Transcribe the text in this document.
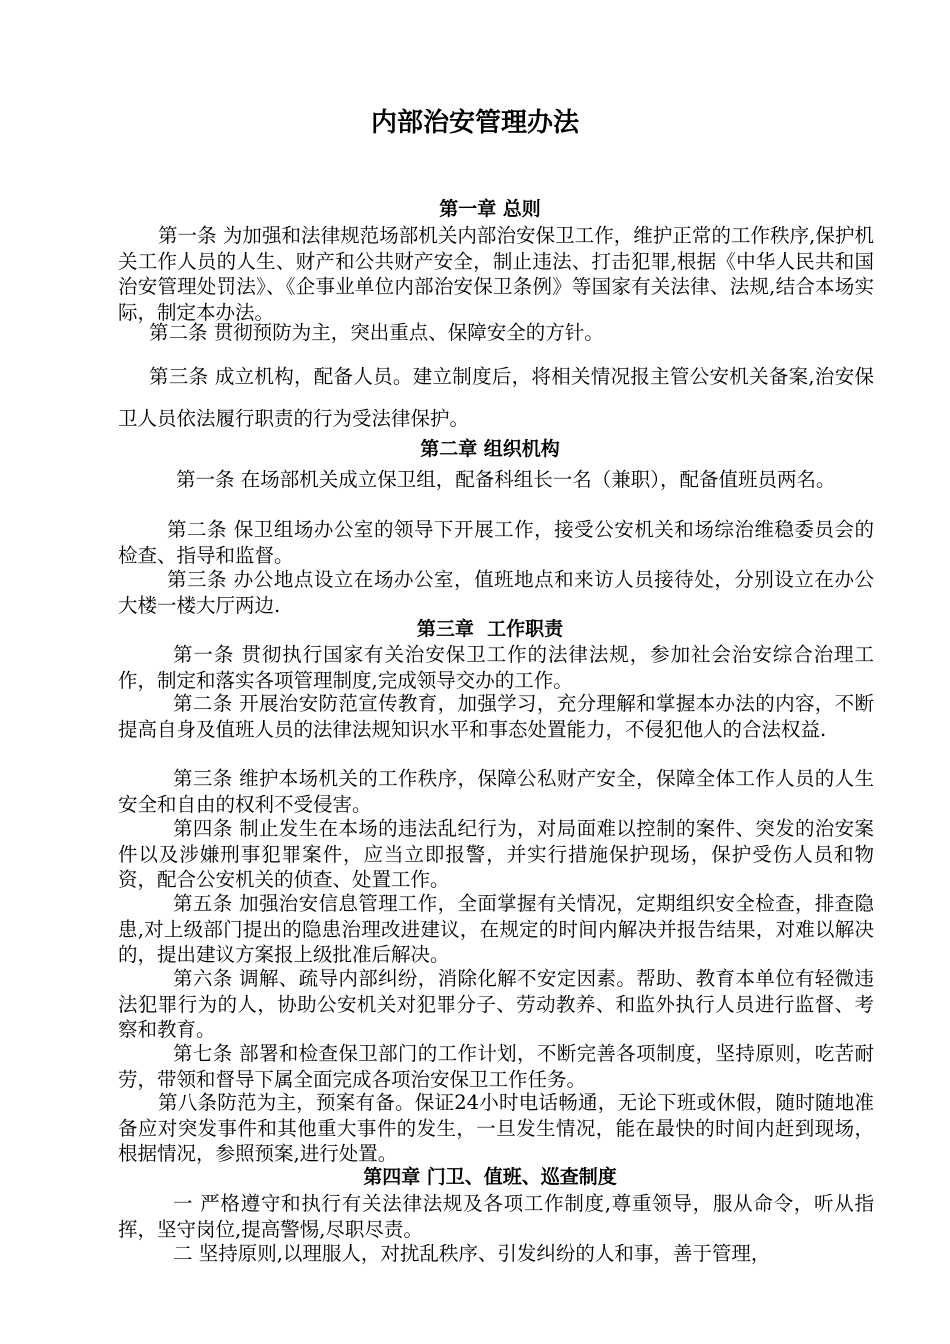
内部治安管理办法
第一章 总则

第一条 为加强和法律规范场部机关内部治安保卫工作，维护正常的工作秩序,保护机关工作人员的人生、财产和公共财产安全，制止违法、打击犯罪,根据《中华人民共和国治安管理处罚法》、《企事业单位内部治安保卫条例》等国家有关法律、法规,结合本场实际，制定本办法。

第二条 贯彻预防为主，突出重点、保障安全的方针。

第三条 成立机构，配备人员。建立制度后，将相关情况报主管公安机关备案,治安保卫人员依法履行职责的行为受法律保护。

第二章 组织机构

第一条 在场部机关成立保卫组，配备科组长一名（兼职），配备值班员两名。

第二条 保卫组场办公室的领导下开展工作，接受公安机关和场综治维稳委员会的检查、指导和监督。

第三条 办公地点设立在场办公室，值班地点和来访人员接待处，分别设立在办公大楼一楼大厅两边.

第三章  工作职责

第一条 贯彻执行国家有关治安保卫工作的法律法规，参加社会治安综合治理工作，制定和落实各项管理制度,完成领导交办的工作。

第二条 开展治安防范宣传教育，加强学习，充分理解和掌握本办法的内容，不断提高自身及值班人员的法律法规知识水平和事态处置能力，不侵犯他人的合法权益.

第三条 维护本场机关的工作秩序，保障公私财产安全，保障全体工作人员的人生安全和自由的权利不受侵害。

第四条 制止发生在本场的违法乱纪行为，对局面难以控制的案件、突发的治安案件以及涉嫌刑事犯罪案件，应当立即报警，并实行措施保护现场，保护受伤人员和物资，配合公安机关的侦查、处置工作。

第五条 加强治安信息管理工作，全面掌握有关情况，定期组织安全检查，排查隐患,对上级部门提出的隐患治理改进建议，在规定的时间内解决并报告结果，对难以解决的，提出建议方案报上级批准后解决。

第六条 调解、疏导内部纠纷，消除化解不安定因素。帮助、教育本单位有轻微违法犯罪行为的人，协助公安机关对犯罪分子、劳动教养、和监外执行人员进行监督、考察和教育。

第七条 部署和检查保卫部门的工作计划，不断完善各项制度，坚持原则，吃苦耐劳，带领和督导下属全面完成各项治安保卫工作任务。

第八条防范为主，预案有备。保证24小时电话畅通，无论下班或休假，随时随地准备应对突发事件和其他重大事件的发生，一旦发生情况，能在最快的时间内赶到现场，根据情况，参照预案,进行处置。

第四章 门卫、值班、巡查制度

一 严格遵守和执行有关法律法规及各项工作制度,尊重领导，服从命令，听从指挥，坚守岗位,提高警惕,尽职尽责。

二 坚持原则,以理服人，对扰乱秩序、引发纠纷的人和事，善于管理，
